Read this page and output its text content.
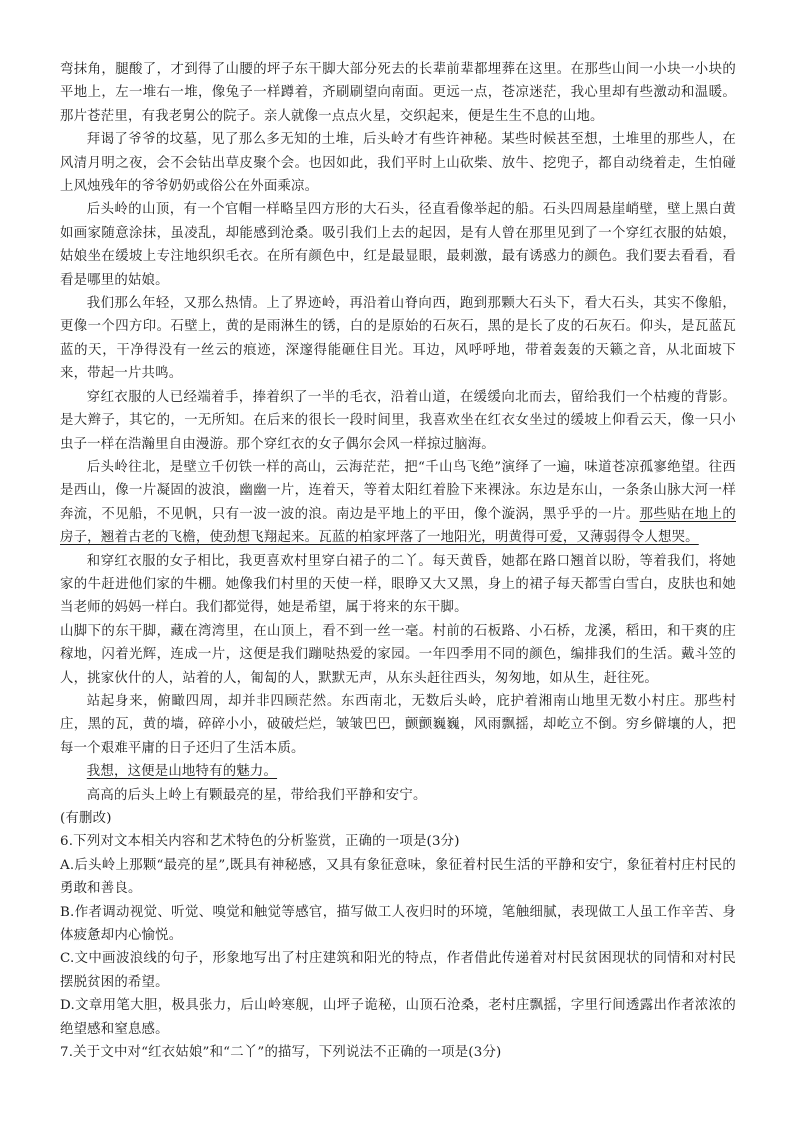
弯抹角，腿酸了，才到得了山腰的坪子东干脚大部分死去的长辈前辈都埋葬在这里。在那些山间一小块一小块的平地上，左一堆右一堆，像兔子一样蹲着，齐刷刷望向南面。更远一点，苍凉迷茫，我心里却有些激动和温暖。那片苍茫里，有我老舅公的院子。亲人就像一点点火星，交织起来，便是生生不息的山地。

拜谒了爷爷的坟墓，见了那么多无知的土堆，后头岭才有些许神秘。某些时候甚至想，土堆里的那些人，在风清月明之夜，会不会钻出草皮聚个会。也因如此，我们平时上山砍柴、放牛、挖兜子，都自动绕着走，生怕碰上风烛残年的爷爷奶奶或俗公在外面乘凉。

后头岭的山顶，有一个官帽一样略呈四方形的大石头，径直看像举起的船。石头四周悬崖峭壁，壁上黑白黄如画家随意涂抹，虽凌乱，却能感到沧桑。吸引我们上去的起因，是有人曾在那里见到了一个穿红衣服的姑娘，姑娘坐在缓坡上专注地织织毛衣。在所有颜色中，红是最显眼，最刺激，最有诱惑力的颜色。我们要去看看，看看是哪里的姑娘。

我们那么年轻，又那么热情。上了界迹岭，再沿着山脊向西，跑到那颗大石头下，看大石头，其实不像船，更像一个四方印。石壁上，黄的是雨淋生的锈，白的是原始的石灰石，黑的是长了皮的石灰石。仰头，是瓦蓝瓦蓝的天，干净得没有一丝云的痕迹，深邃得能砸住目光。耳边，风呼呼地，带着轰轰的天籁之音，从北面坡下来，带起一片共鸣。

穿红衣服的人已经端着手，捧着织了一半的毛衣，沿着山道，在缓缓向北而去，留给我们一个枯瘦的背影。是大辫子，其它的，一无所知。在后来的很长一段时间里，我喜欢坐在红衣女坐过的缓坡上仰看云天，像一只小虫子一样在浩瀚里自由漫游。那个穿红衣的女子偶尔会风一样掠过脑海。

后头岭往北，是壁立千仞铁一样的高山，云海茫茫，把“千山鸟飞绝”演绎了一遍，味道苍凉孤寥绝望。往西是西山，像一片凝固的波浪，幽幽一片，连着天，等着太阳红着脸下来裸泳。东边是东山，一条条山脉大河一样奔流，不见船，不见帆，只有一波一波的浪。南边是平地上的平田，像个漩涡，黑乎乎的一片。那些贴在地上的房子，翘着古老的飞檐，使劲想飞翔起来。瓦蓝的柏家坪落了一地阳光，明黄得可爱，又薄弱得令人想哭。

和穿红衣服的女子相比，我更喜欢村里穿白裙子的二丫。每天黄昏，她都在路口翘首以盼，等着我们，将她家的牛赶进他们家的牛棚。她像我们村里的天使一样，眼睁又大又黑，身上的裙子每天都雪白雪白，皮肤也和她当老师的妈妈一样白。我们都觉得，她是希望，属于将来的东干脚。

山脚下的东干脚，藏在湾湾里，在山顶上，看不到一丝一毫。村前的石板路、小石桥，龙溪，稻田，和干爽的庄稼地，闪着光辉，连成一片，这便是我们蹦哒热爱的家园。一年四季用不同的颜色，编排我们的生活。戴斗笠的人，挑家伙什的人，站着的人，匍匐的人，默默无声，从东头赶往西头，匆匆地，如从生，赶往死。

站起身来，俯瞰四周，却并非四顾茫然。东西南北，无数后头岭，庇护着湘南山地里无数小村庄。那些村庄，黑的瓦，黄的墙，碎碎小小，破破烂烂，皱皱巴巴，颤颤巍巍，风雨飘摇，却屹立不倒。穷乡僻壤的人，把每一个艰难平庸的日子还归了生活本质。

我想，这便是山地特有的魅力。

高高的后头上岭上有颗最亮的星，带给我们平静和安宁。

(有删改)

6.下列对文本相关内容和艺术特色的分析鉴赏，正确的一项是(3分)

A.后头岭上那颗“最亮的星”,既具有神秘感，又具有象征意味，象征着村民生活的平静和安宁，象征着村庄村民的勇敢和善良。

B.作者调动视觉、听觉、嗅觉和触觉等感官，描写做工人夜归时的环境，笔触细腻，表现做工人虽工作辛苦、身体疲惫却内心愉悦。

C.文中画波浪线的句子，形象地写出了村庄建筑和阳光的特点，作者借此传递着对村民贫困现状的同情和对村民摆脱贫困的希望。

D.文章用笔大胆，极具张力，后山岭寒舰，山坪子诡秘，山顶石沧桑，老村庄飘摇，字里行间透露出作者浓浓的绝望感和窒息感。

7.关于文中对“红衣姑娘”和“二丫”的描写，下列说法不正确的一项是(3分)
